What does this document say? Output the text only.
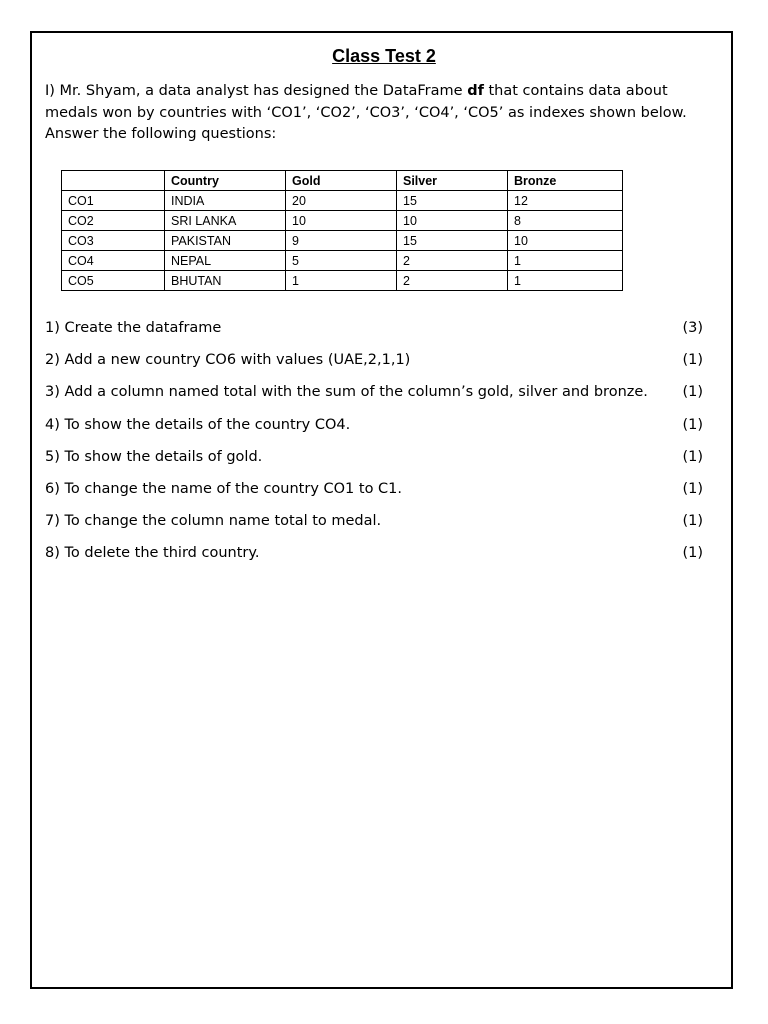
Class Test 2
I) Mr. Shyam, a data analyst has designed the DataFrame df that contains data about medals won by countries with ‘CO1’, ‘CO2’, ‘CO3’, ‘CO4’, ‘CO5’ as indexes shown below. Answer the following questions:
	Country	Gold	Silver	Bronze
CO1	INDIA	20	15	12
CO2	SRI LANKA	10	10	8
CO3	PAKISTAN	9	15	10
CO4	NEPAL	5	2	1
CO5	BHUTAN	1	2	1
1) Create the dataframe	(3)
2) Add a new country CO6 with values (UAE,2,1,1)	(1)
3) Add a column named total with the sum of the column’s gold, silver and bronze. (1)
4) To show the details of the country CO4.	(1)
5) To show the details of gold.	(1)
6) To change the name of the country CO1 to C1.	(1)
7) To change the column name total to medal.	(1)
8) To delete the third country.	(1)
